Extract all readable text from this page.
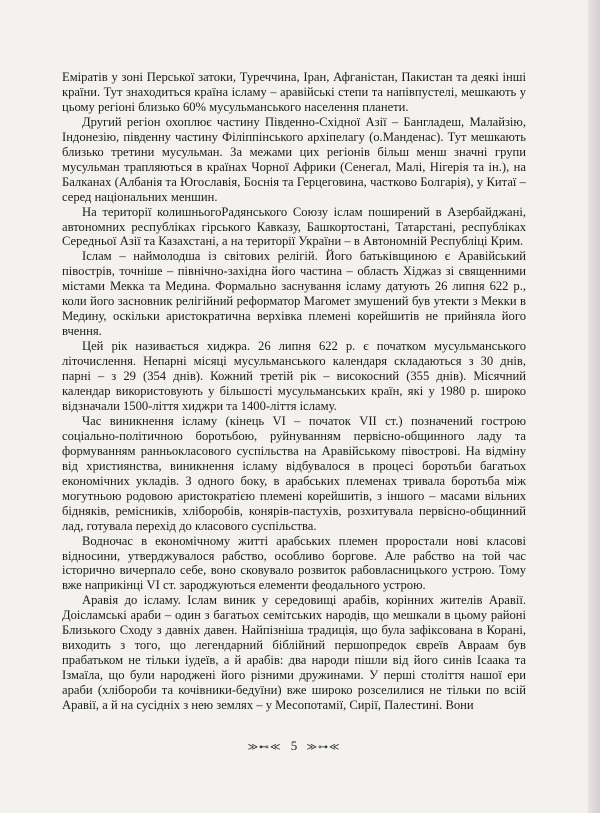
Еміратів у зоні Перської затоки, Туреччина, Іран, Афганістан, Пакистан та деякі інші країни. Тут знаходиться країна ісламу – аравійські степи та напівпустелі, мешкають у цьому регіоні близько 60% мусульманського населення планети.

Другий регіон охоплює частину Південно-Східної Азії – Бангладеш, Малайзію, Індонезію, південну частину Філіппінського архіпелагу (о.Манденас). Тут мешкають близько третини мусульман. За межами цих регіонів більш менш значні групи мусульман трапляються в країнах Чорної Африки (Сенегал, Малі, Нігерія та ін.), на Балканах (Албанія та Югославія, Боснія та Герцеговина, частково Болгарія), у Китаї – серед національних меншин.

На території колишньогоРадянського Союзу іслам поширений в Азербайджані, автономних республіках гірського Кавказу, Башкортостані, Татарстані, республіках Середньої Азії та Казахстані, а на території України – в Автономній Республіці Крим.

Іслам – наймолодша із світових релігій. Його батьківщиною є Аравійський півострів, точніше – північно-західна його частина – область Хіджаз зі священними містами Мекка та Медина. Формально заснування ісламу датують 26 липня 622 р., коли його засновник релігійний реформатор Магомет змушений був утекти з Мекки в Медину, оскільки аристократична верхівка племені корейшитів не прийняла його вчення.

Цей рік називається хиджра. 26 липня 622 р. є початком мусульманського літочислення. Непарні місяці мусульманського календаря складаються з 30 днів, парні – з 29 (354 днів). Кожний третій рік – високосний (355 днів). Місячний календар використовують у більшості мусульманських країн, які у 1980 р. широко відзначали 1500-ліття хиджри та 1400-ліття ісламу.

Час виникнення ісламу (кінець VI – початок VII ст.) позначений гострою соціально-політичною боротьбою, руйнуванням первісно-общинного ладу та формуванням ранньокласового суспільства на Аравійському півострові. На відміну від християнства, виникнення ісламу відбувалося в процесі боротьби багатьох економічних укладів. З одного боку, в арабських племенах тривала боротьба між могутньою родовою аристократією племені корейшитів, з іншого – масами вільних бідняків, ремісників, хліборобів, конярів-пастухів, розхитувала первісно-общинний лад, готувала перехід до класового суспільства.

Водночас в економічному житті арабських племен проростали нові класові відносини, утверджувалося рабство, особливо боргове. Але рабство на той час історично вичерпало себе, воно сковувало розвиток рабовласницького устрою. Тому вже наприкінці VI ст. зароджуються елементи феодального устрою.

Аравія до ісламу. Іслам виник у середовищі арабів, корінних жителів Аравії. Доісламські араби – один з багатьох семітських народів, що мешкали в цьому районі Близького Сходу з давніх давен. Найпізніша традиція, що була зафіксована в Корані, виходить з того, що легендарний біблійний першопредок євреїв Авраам був прабатьком не тільки іудеїв, а й арабів: два народи пішли від його синів Ісаака та Ізмаїла, що були народжені його різними дружинами. У перші століття нашої ери араби (хлібороби та кочівники-бедуїни) вже широко розселилися не тільки по всій Аравії, а й на сусідніх з нею землях – у Месопотамії, Сирії, Палестині. Вони

≫⊷≪ 5 ≫⊶≪
